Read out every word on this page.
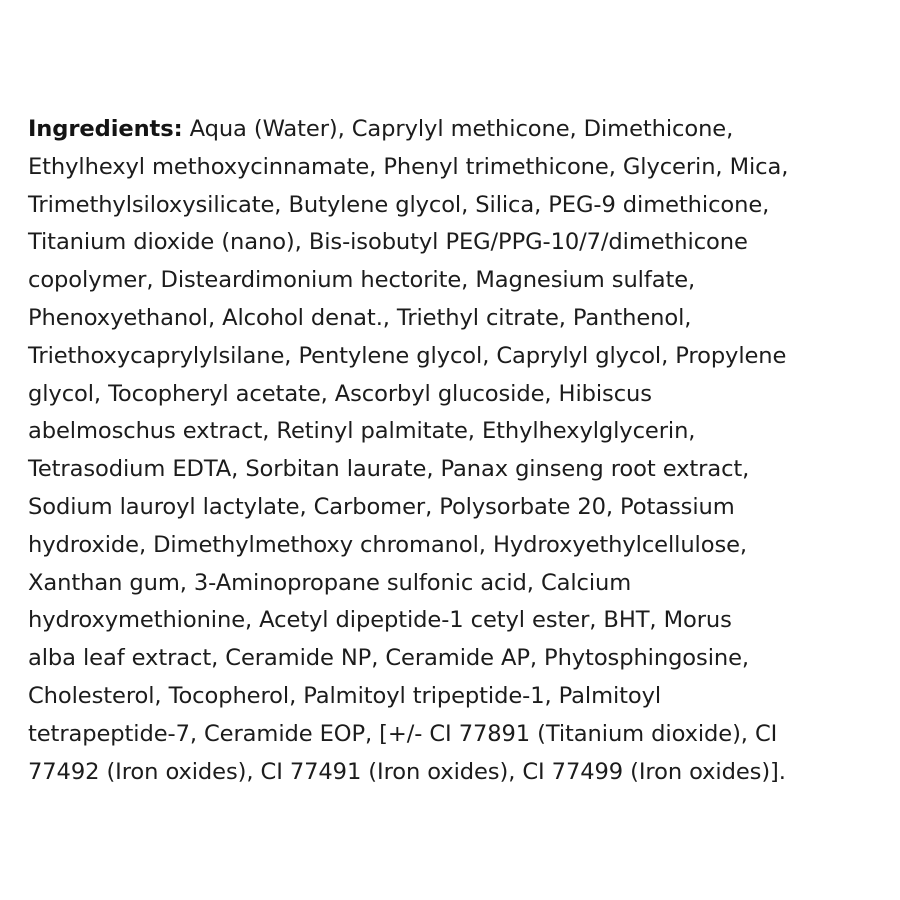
Ingredients: Aqua (Water), Caprylyl methicone, Dimethicone,
Ethylhexyl methoxycinnamate, Phenyl trimethicone, Glycerin, Mica,
Trimethylsiloxysilicate, Butylene glycol, Silica, PEG-9 dimethicone,
Titanium dioxide (nano), Bis-isobutyl PEG/PPG-10/7/dimethicone
copolymer, Disteardimonium hectorite, Magnesium sulfate,
Phenoxyethanol, Alcohol denat., Triethyl citrate, Panthenol,
Triethoxycaprylylsilane, Pentylene glycol, Caprylyl glycol, Propylene
glycol, Tocopheryl acetate, Ascorbyl glucoside, Hibiscus
abelmoschus extract, Retinyl palmitate, Ethylhexylglycerin,
Tetrasodium EDTA, Sorbitan laurate, Panax ginseng root extract,
Sodium lauroyl lactylate, Carbomer, Polysorbate 20, Potassium
hydroxide, Dimethylmethoxy chromanol, Hydroxyethylcellulose,
Xanthan gum, 3-Aminopropane sulfonic acid, Calcium
hydroxymethionine, Acetyl dipeptide-1 cetyl ester, BHT, Morus
alba leaf extract, Ceramide NP, Ceramide AP, Phytosphingosine,
Cholesterol, Tocopherol, Palmitoyl tripeptide-1, Palmitoyl
tetrapeptide-7, Ceramide EOP, [+/- CI 77891 (Titanium dioxide), CI
77492 (Iron oxides), CI 77491 (Iron oxides), CI 77499 (Iron oxides)].
